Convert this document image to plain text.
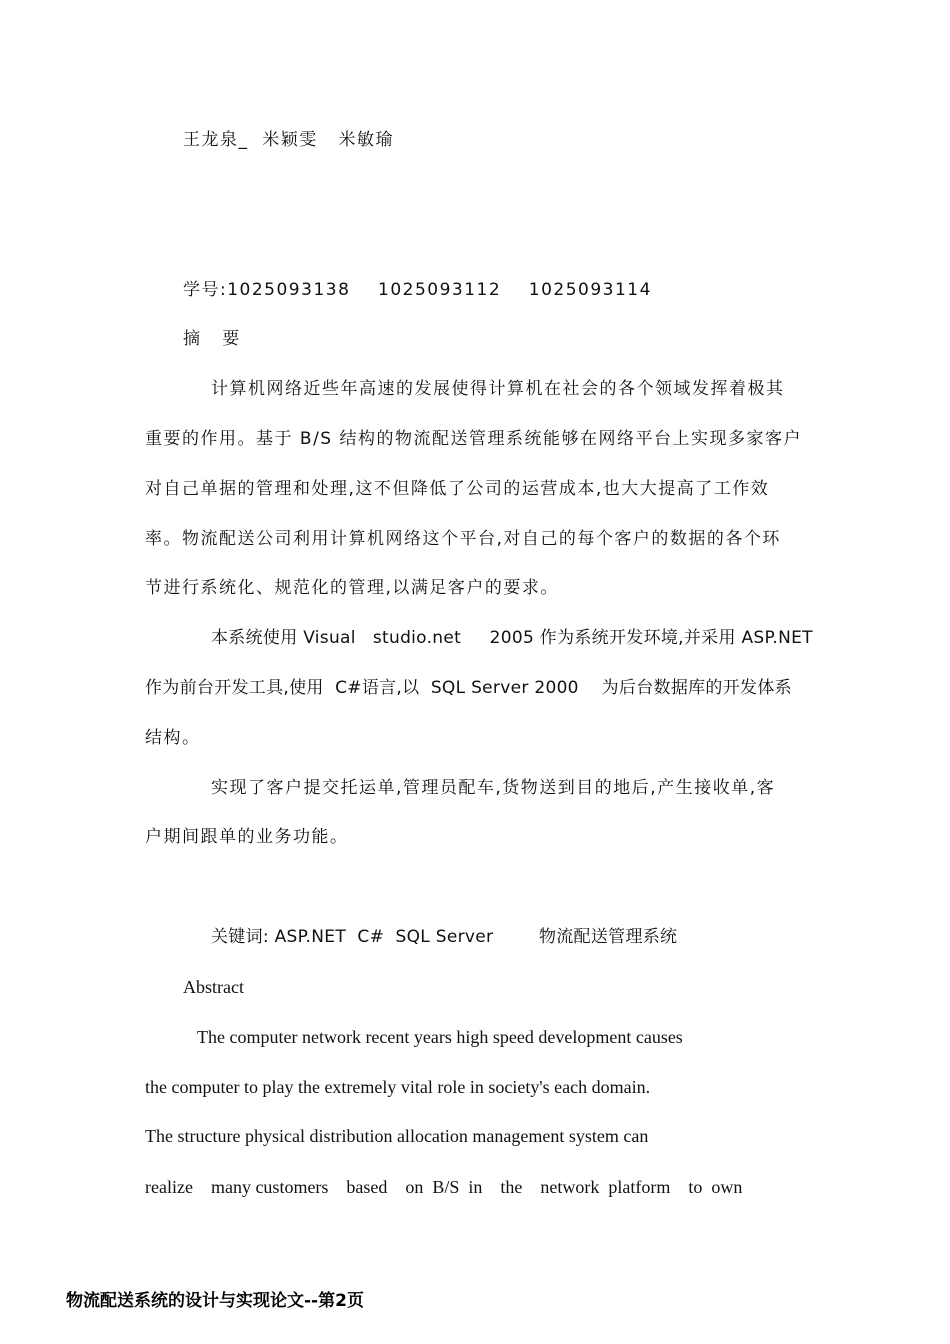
王龙泉_  米颖雯   米敏瑜
学号:1025093138    1025093112    1025093114
摘   要
计算机网络近些年高速的发展使得计算机在社会的各个领域发挥着极其
重要的作用。基于 B/S 结构的物流配送管理系统能够在网络平台上实现多家客户
对自己单据的管理和处理,这不但降低了公司的运营成本,也大大提高了工作效
率。物流配送公司利用计算机网络这个平台,对自己的每个客户的数据的各个环
节进行系统化、规范化的管理,以满足客户的要求。
本系统使用 Visual   studio.net     2005 作为系统开发环境,并采用 ASP.NET
作为前台开发工具,使用  C#语言,以  SQL Server 2000    为后台数据库的开发体系
结构。
实现了客户提交托运单,管理员配车,货物送到目的地后,产生接收单,客
户期间跟单的业务功能。
关键词: ASP.NET  C#  SQL Server        物流配送管理系统
Abstract
The computer network recent years high speed development causes
the computer to play the extremely vital role in society's each domain.
The structure physical distribution allocation management system can
realize    many customers    based    on  B/S  in    the    network  platform    to  own
物流配送系统的设计与实现论文--第2页
